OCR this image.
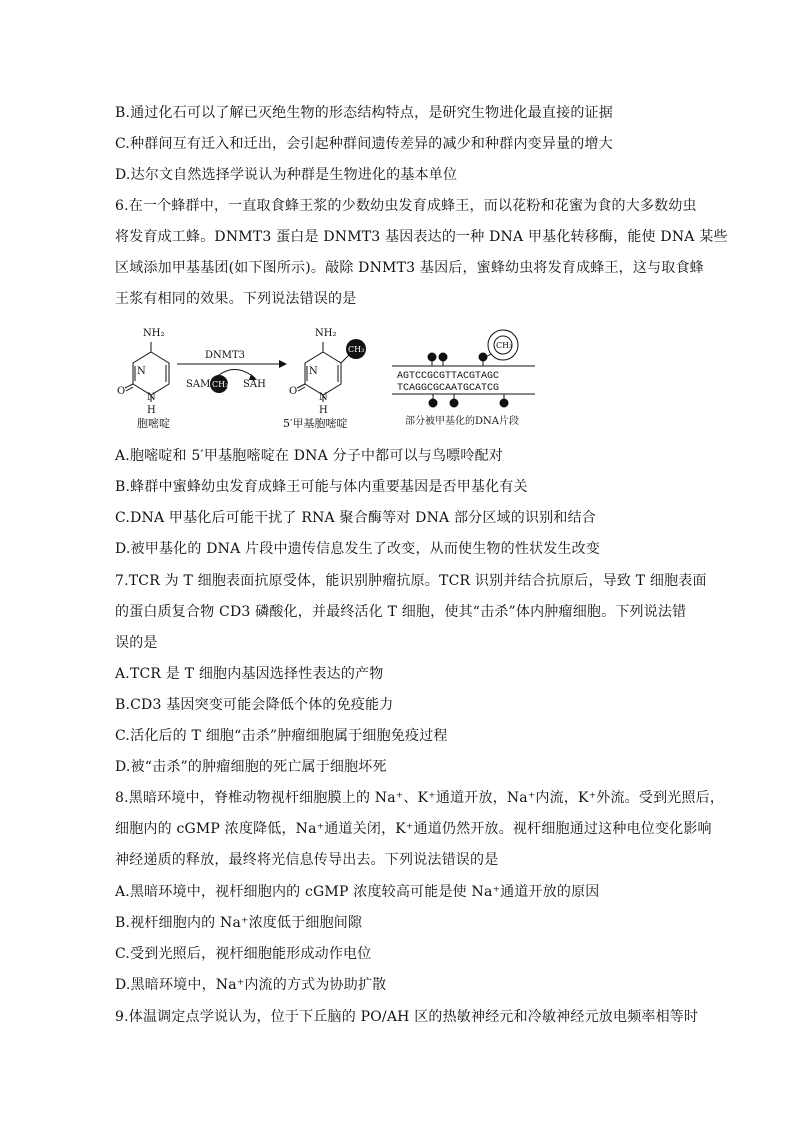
B.通过化石可以了解已灭绝生物的形态结构特点，是研究生物进化最直接的证据
C.种群间互有迁入和迁出，会引起种群间遗传差异的减少和种群内变异量的增大
D.达尔文自然选择学说认为种群是生物进化的基本单位
6.在一个蜂群中，一直取食蜂王浆的少数幼虫发育成蜂王，而以花粉和花蜜为食的大多数幼虫
将发育成工蜂。DNMT3 蛋白是 DNMT3 基因表达的一种 DNA 甲基化转移酶，能使 DNA 某些
区域添加甲基基团(如下图所示)。敲除 DNMT3 基因后，蜜蜂幼虫将发育成蜂王，这与取食蜂
王浆有相同的效果。下列说法错误的是
NH₂
N
O
N
H
胞嘧啶
DNMT3
SAM CH₃ SAH
CH₃
NH₂
N
O
N
H
5′甲基胞嘧啶
CH₃
AGTCCGCGTTACGTAGC
TCAGGCGCAATGCATCG
部分被甲基化的DNA片段
A.胞嘧啶和 5′甲基胞嘧啶在 DNA 分子中都可以与鸟嘌呤配对
B.蜂群中蜜蜂幼虫发育成蜂王可能与体内重要基因是否甲基化有关
C.DNA 甲基化后可能干扰了 RNA 聚合酶等对 DNA 部分区域的识别和结合
D.被甲基化的 DNA 片段中遗传信息发生了改变，从而使生物的性状发生改变
7.TCR 为 T 细胞表面抗原受体，能识别肿瘤抗原。TCR 识别并结合抗原后，导致 T 细胞表面
的蛋白质复合物 CD3 磷酸化，并最终活化 T 细胞，使其“击杀”体内肿瘤细胞。下列说法错
误的是
A.TCR 是 T 细胞内基因选择性表达的产物
B.CD3 基因突变可能会降低个体的免疫能力
C.活化后的 T 细胞“击杀”肿瘤细胞属于细胞免疫过程
D.被“击杀”的肿瘤细胞的死亡属于细胞坏死
8.黑暗环境中，脊椎动物视杆细胞膜上的 Na⁺、K⁺通道开放，Na⁺内流，K⁺外流。受到光照后，
细胞内的 cGMP 浓度降低，Na⁺通道关闭，K⁺通道仍然开放。视杆细胞通过这种电位变化影响
神经递质的释放，最终将光信息传导出去。下列说法错误的是
A.黑暗环境中，视杆细胞内的 cGMP 浓度较高可能是使 Na⁺通道开放的原因
B.视杆细胞内的 Na⁺浓度低于细胞间隙
C.受到光照后，视杆细胞能形成动作电位
D.黑暗环境中，Na⁺内流的方式为协助扩散
9.体温调定点学说认为，位于下丘脑的 PO/AH 区的热敏神经元和冷敏神经元放电频率相等时
